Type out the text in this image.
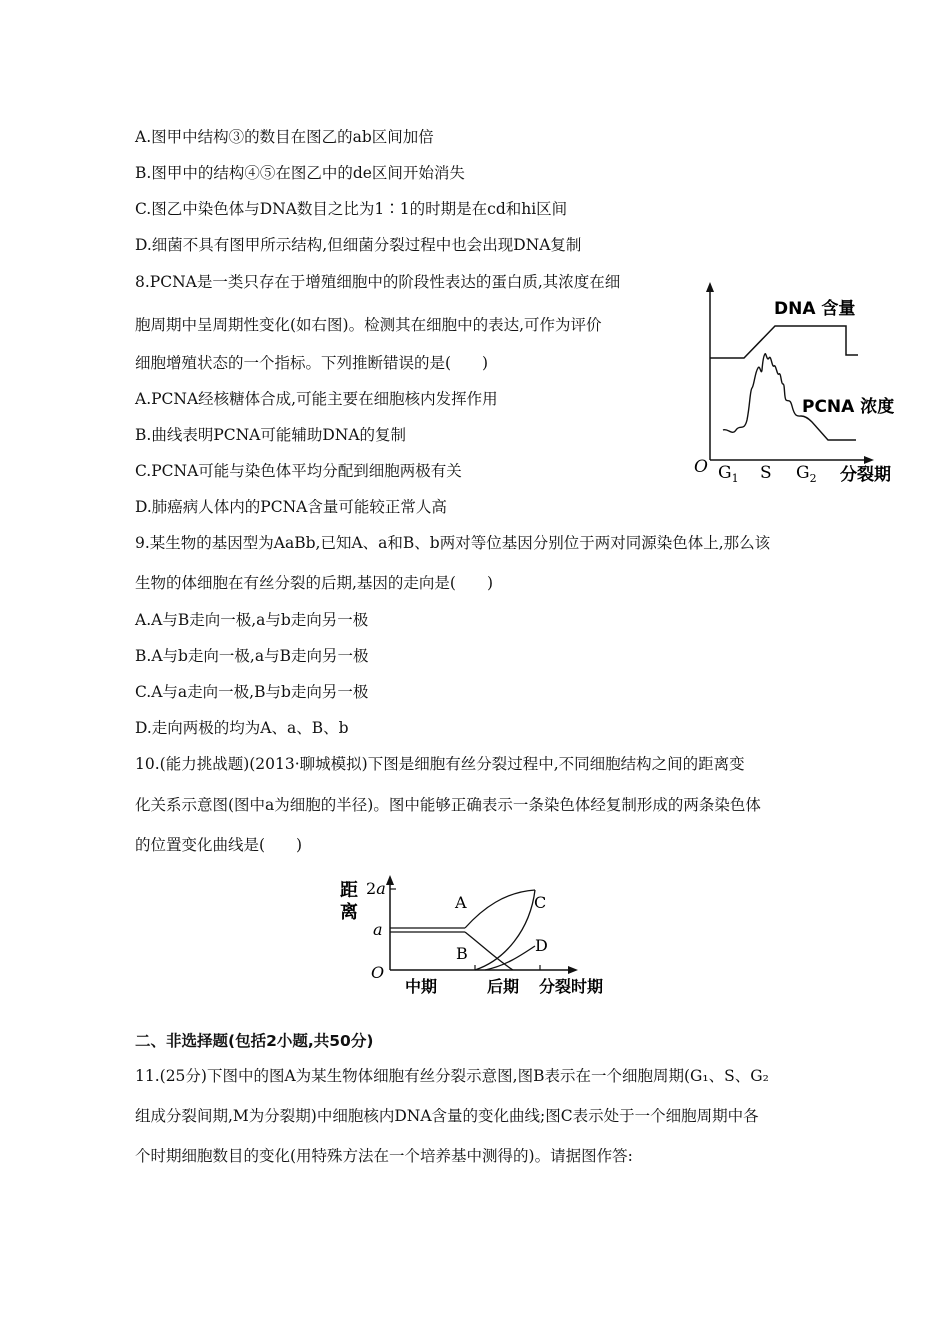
A.图甲中结构③的数目在图乙的ab区间加倍
B.图甲中的结构④⑤在图乙中的de区间开始消失
C.图乙中染色体与DNA数目之比为1∶1的时期是在cd和hi区间
D.细菌不具有图甲所示结构,但细菌分裂过程中也会出现DNA复制
8.PCNA是一类只存在于增殖细胞中的阶段性表达的蛋白质,其浓度在细
胞周期中呈周期性变化(如右图)。检测其在细胞中的表达,可作为评价
细胞增殖状态的一个指标。下列推断错误的是(　　)
A.PCNA经核糖体合成,可能主要在细胞核内发挥作用
B.曲线表明PCNA可能辅助DNA的复制
C.PCNA可能与染色体平均分配到细胞两极有关
D.肺癌病人体内的PCNA含量可能较正常人高
DNA 含量
PCNA 浓度
O $G_1$ S $G_2$ 分裂期
9.某生物的基因型为AaBb,已知A、a和B、b两对等位基因分别位于两对同源染色体上,那么该
生物的体细胞在有丝分裂的后期,基因的走向是(　　)
A.A与B走向一极,a与b走向另一极
B.A与b走向一极,a与B走向另一极
C.A与a走向一极,B与b走向另一极
D.走向两极的均为A、a、B、b
10.(能力挑战题)(2013·聊城模拟)下图是细胞有丝分裂过程中,不同细胞结构之间的距离变
化关系示意图(图中a为细胞的半径)。图中能够正确表示一条染色体经复制形成的两条染色体
的位置变化曲线是(　　)
距
离
2a
a
O
A
B
C
D
中期	后期 分裂时期
二、非选择题(包括2小题,共50分)
11.(25分)下图中的图A为某生物体细胞有丝分裂示意图,图B表示在一个细胞周期(G₁、S、G₂
组成分裂间期,M为分裂期)中细胞核内DNA含量的变化曲线;图C表示处于一个细胞周期中各
个时期细胞数目的变化(用特殊方法在一个培养基中测得的)。请据图作答:
